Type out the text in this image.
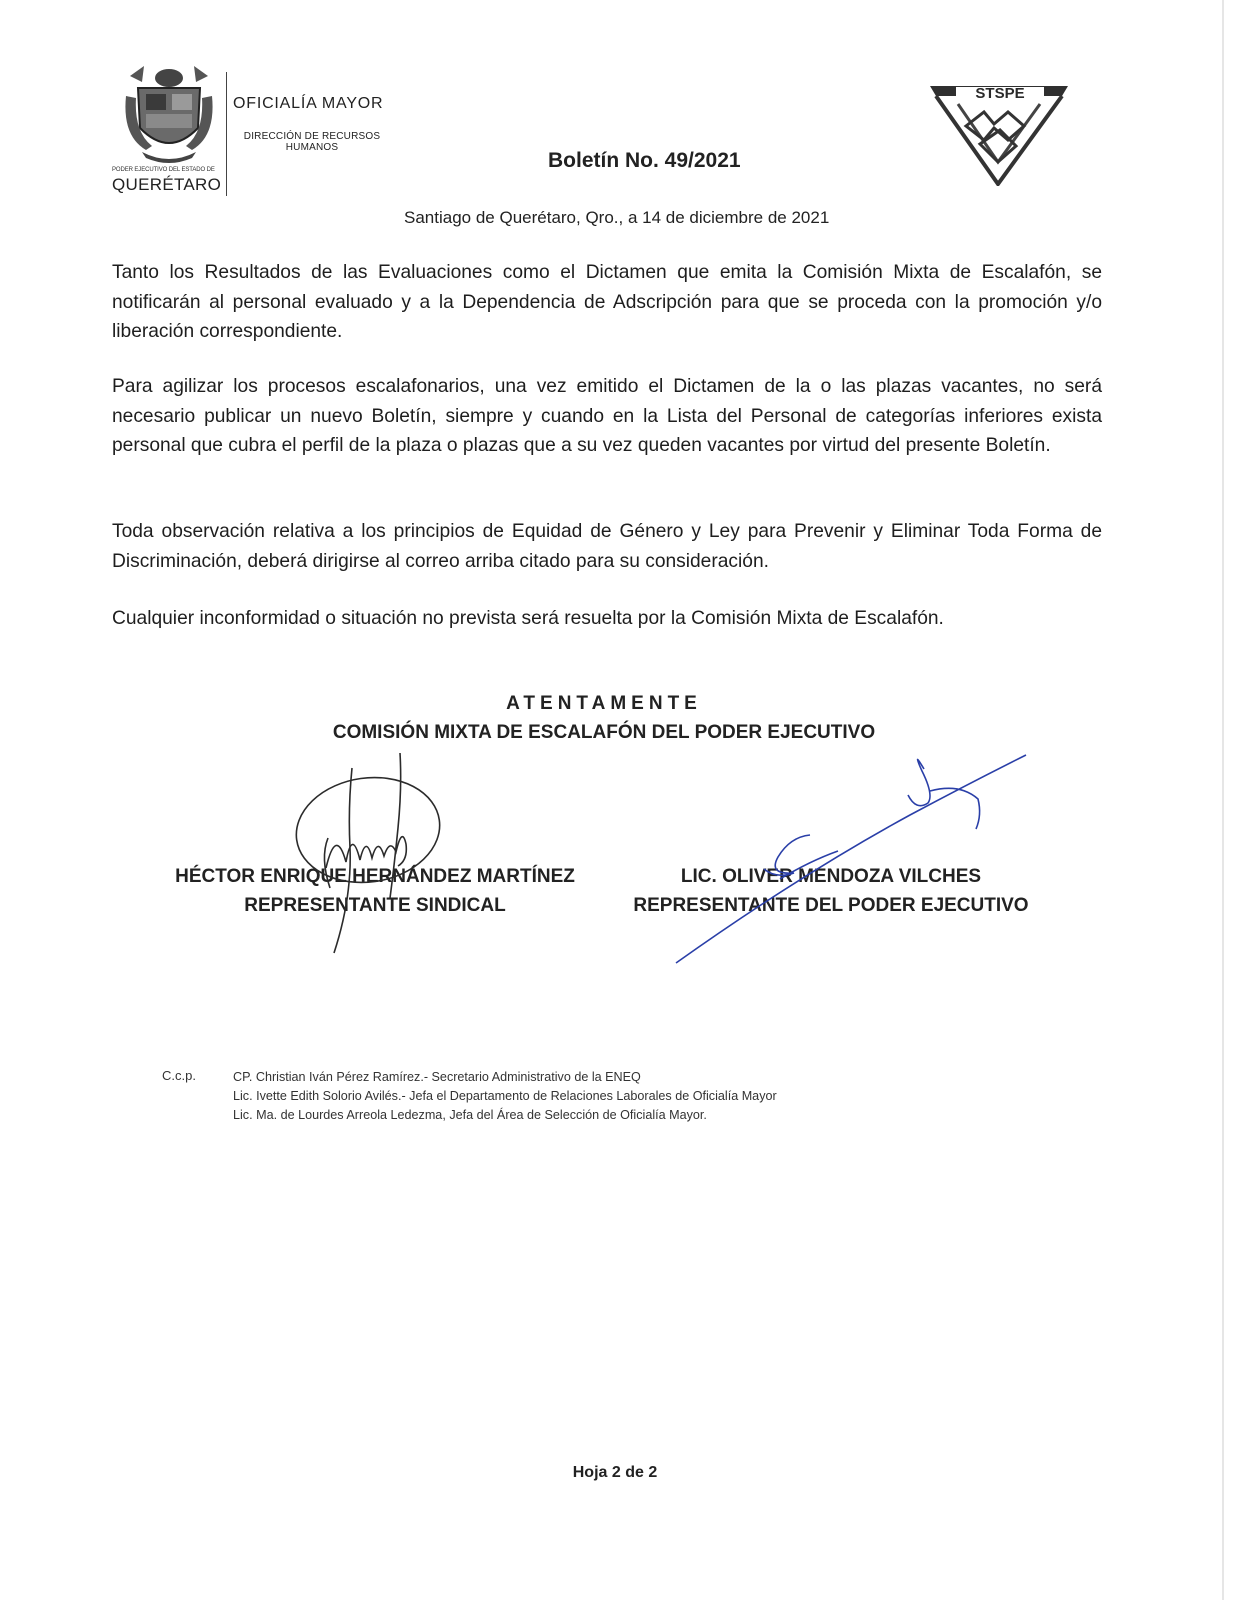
PODER EJECUTIVO DEL ESTADO DE
QUERÉTARO
OFICIALÍA MAYOR
DIRECCIÓN DE RECURSOS HUMANOS
STSPE
Boletín No. 49/2021
Santiago de Querétaro, Qro., a 14 de diciembre de 2021

Tanto los Resultados de las Evaluaciones como el Dictamen que emita la Comisión Mixta de Escalafón, se notificarán al personal evaluado y a la Dependencia de Adscripción para que se proceda con la promoción y/o liberación correspondiente.

Para agilizar los procesos escalafonarios, una vez emitido el Dictamen de la o las plazas vacantes, no será necesario publicar un nuevo Boletín, siempre y cuando en la Lista del Personal de categorías inferiores exista personal que cubra el perfil de la plaza o plazas que a su vez queden vacantes por virtud del presente Boletín.

Toda observación relativa a los principios de Equidad de Género y Ley para Prevenir y Eliminar Toda Forma de Discriminación, deberá dirigirse al correo arriba citado para su consideración.

Cualquier inconformidad o situación no prevista será resuelta por la Comisión Mixta de Escalafón.

ATENTAMENTE
COMISIÓN MIXTA DE ESCALAFÓN DEL PODER EJECUTIVO
HÉCTOR ENRIQUE HERNÁNDEZ MARTÍNEZ
REPRESENTANTE SINDICAL
LIC. OLIVER MENDOZA VILCHES
REPRESENTANTE DEL PODER EJECUTIVO
C.c.p.	CP. Christian Iván Pérez Ramírez.- Secretario Administrativo de la ENEQ
Lic. Ivette Edith Solorio Avilés.- Jefa el Departamento de Relaciones Laborales de Oficialía Mayor
Lic. Ma. de Lourdes Arreola Ledezma, Jefa del Área de Selección de Oficialía Mayor.
Hoja 2 de 2
